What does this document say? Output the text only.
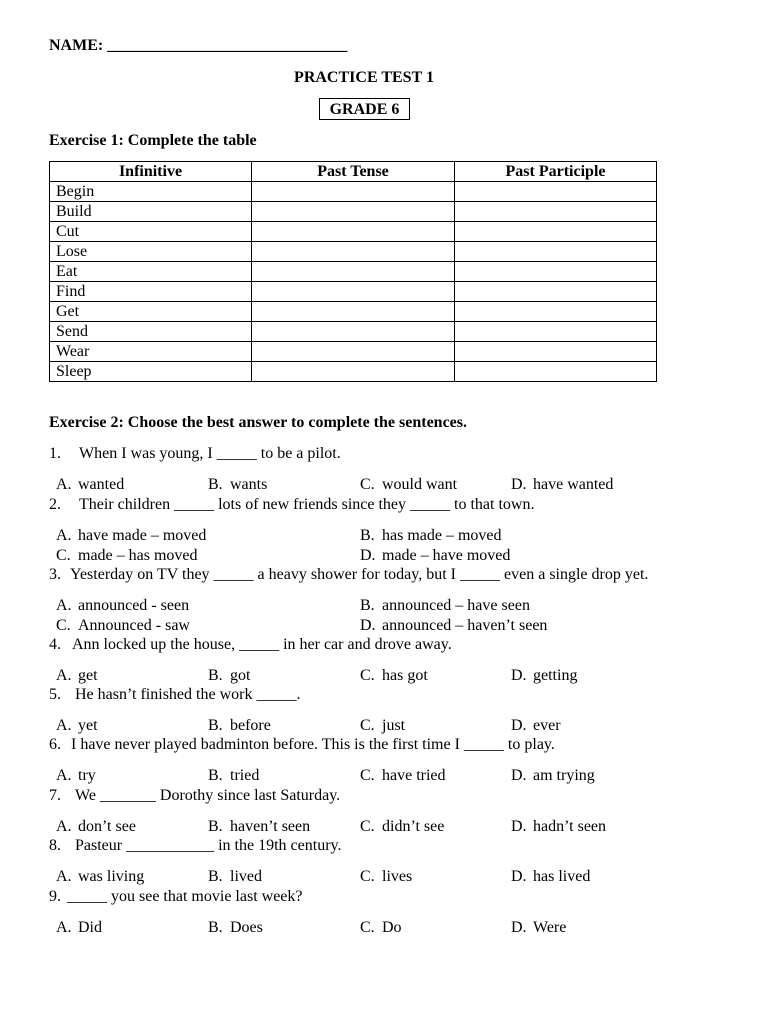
NAME: ______________________________
PRACTICE TEST 1
GRADE 6
Exercise 1: Complete the table
Infinitive	Past Tense	Past Participle
Begin		
Build		
Cut		
Lose		
Eat		
Find		
Get		
Send		
Wear		
Sleep		
Exercise 2: Choose the best answer to complete the sentences.
1. When I was young, I _____ to be a pilot.
A. wanted	B. wants	C. would want	D. have wanted
2. Their children _____ lots of new friends since they _____ to that town.
A. have made – moved	B. has made – moved
C. made – has moved	D. made – have moved
3. Yesterday on TV they _____ a heavy shower for today, but I _____ even a single drop yet.
A. announced - seen	B. announced – have seen
C. Announced - saw	D. announced – haven’t seen
4. Ann locked up the house, _____ in her car and drove away.
A. get	B. got	C. has got	D. getting
5. He hasn’t finished the work _____.
A. yet	B. before	C. just	D. ever
6. I have never played badminton before. This is the first time I _____ to play.
A. try	B. tried	C. have tried	D. am trying
7. We _______ Dorothy since last Saturday.
A. don’t see	B. haven’t seen	C. didn’t see	D. hadn’t seen
8. Pasteur ___________ in the 19th century.
A. was living	B. lived	C. lives	D. has lived
9. _____ you see that movie last week?
A. Did	B. Does	C. Do	D. Were
